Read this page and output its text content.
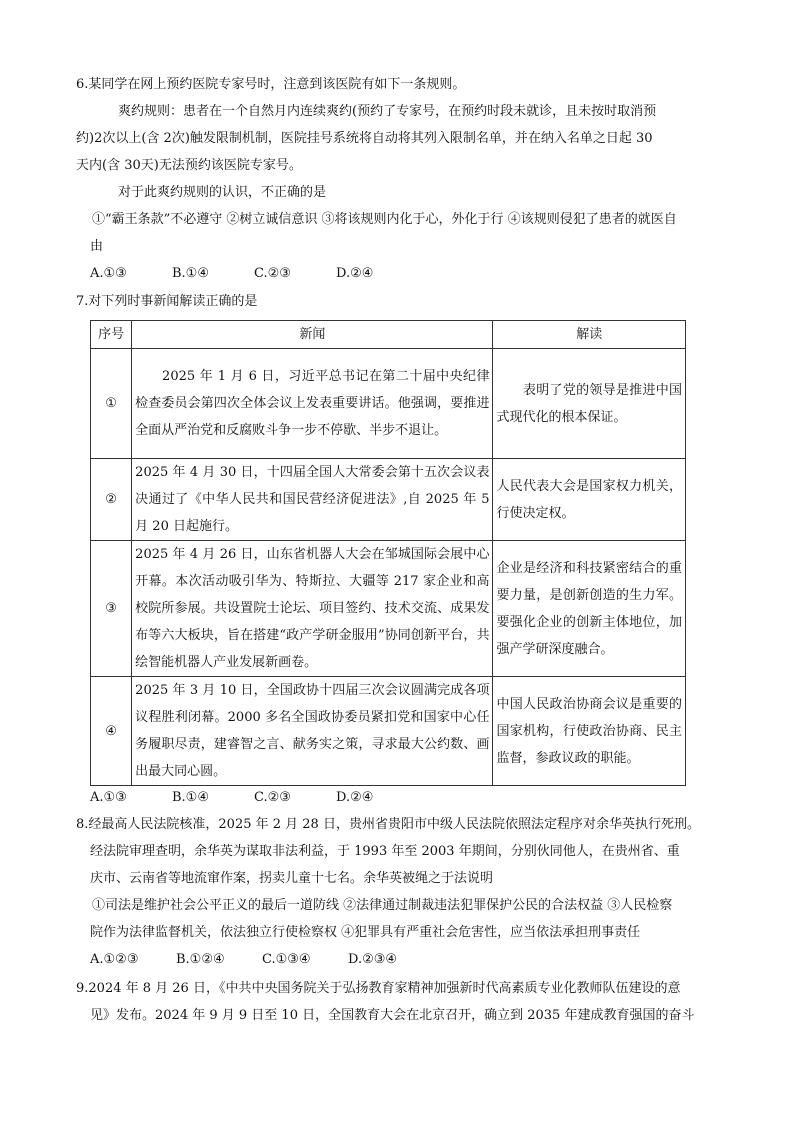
6.某同学在网上预约医院专家号时，注意到该医院有如下一条规则。
爽约规则：患者在一个自然月内连续爽约(预约了专家号，在预约时段未就诊，且未按时取消预
约)2次以上(含 2次)触发限制机制，医院挂号系统将自动将其列入限制名单，并在纳入名单之日起 30
天内(含 30天)无法预约该医院专家号。
对于此爽约规则的认识，不正确的是
①“霸王条款”不必遵守 ②树立诚信意识 ③将该规则内化于心，外化于行 ④该规则侵犯了患者的就医自
由
A.①③	B.①④	C.②③	D.②④
7.对下列时事新闻解读正确的是
序号	新闻	解读
①	　　2025 年 1 月 6 日，习近平总书记在第二十届中央纪律检查委员会第四次全体会议上发表重要讲话。他强调，要推进全面从严治党和反腐败斗争一步不停歇、半步不退让。	　　表明了党的领导是推进中国式现代化的根本保证。
②	2025 年 4 月 30 日，十四届全国人大常委会第十五次会议表决通过了《中华人民共和国民营经济促进法》,自 2025 年 5 月 20 日起施行。	人民代表大会是国家权力机关，行使决定权。
③	2025 年 4 月 26 日，山东省机器人大会在邹城国际会展中心开幕。本次活动吸引华为、特斯拉、大疆等 217 家企业和高校院所参展。共设置院士论坛、项目签约、技术交流、成果发布等六大板块，旨在搭建“政产学研金服用”协同创新平台，共绘智能机器人产业发展新画卷。	企业是经济和科技紧密结合的重要力量，是创新创造的生力军。要强化企业的创新主体地位，加强产学研深度融合。
④	2025 年 3 月 10 日，全国政协十四届三次会议圆满完成各项议程胜利闭幕。2000 多名全国政协委员紧扣党和国家中心任务履职尽责，建睿智之言、献务实之策，寻求最大公约数、画出最大同心圆。	中国人民政治协商会议是重要的国家机构，行使政治协商、民主监督，参政议政的职能。
A.①③	B.①④	C.②③	D.②④
8.经最高人民法院核准，2025 年 2 月 28 日，贵州省贵阳市中级人民法院依照法定程序对余华英执行死刑。
经法院审理查明，余华英为谋取非法利益，于 1993 年至 2003 年期间，分别伙同他人，在贵州省、重
庆市、云南省等地流窜作案，拐卖儿童十七名。余华英被绳之于法说明
①司法是维护社会公平正义的最后一道防线 ②法律通过制裁违法犯罪保护公民的合法权益 ③人民检察
院作为法律监督机关，依法独立行使检察权 ④犯罪具有严重社会危害性，应当依法承担刑事责任
A.①②③	B.①②④	C.①③④	D.②③④
9.2024 年 8 月 26 日，《中共中央国务院关于弘扬教育家精神加强新时代高素质专业化教师队伍建设的意
见》发布。2024 年 9 月 9 日至 10 日，全国教育大会在北京召开，确立到 2035 年建成教育强国的奋斗
